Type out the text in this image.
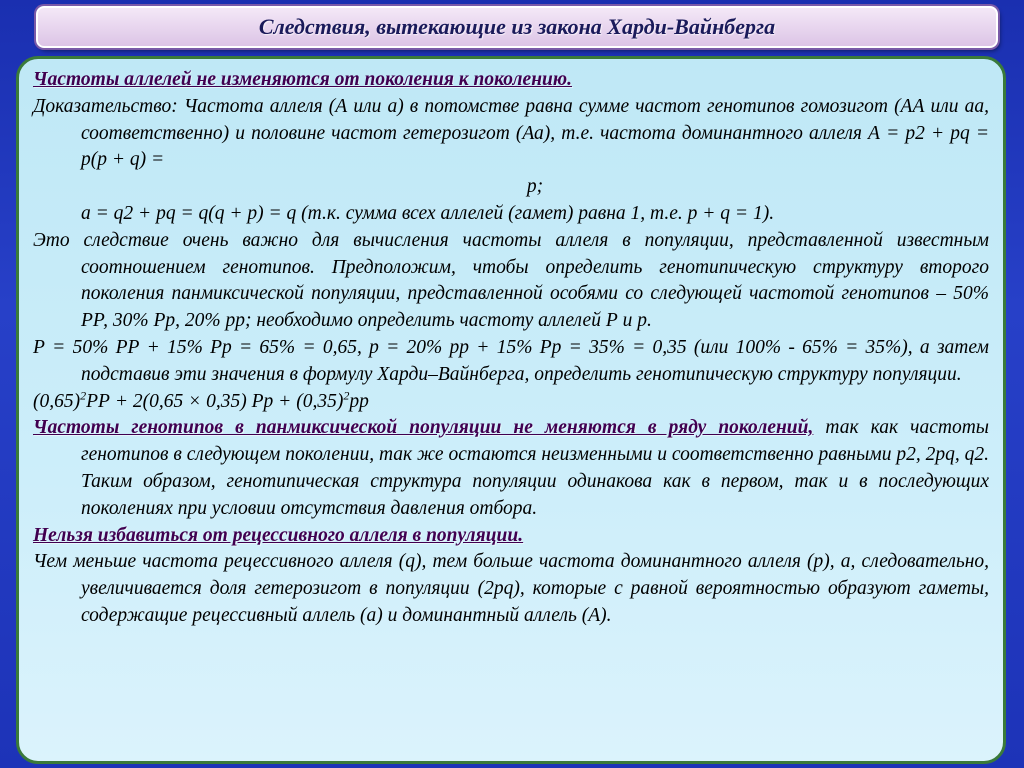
Следствия, вытекающие из закона Харди-Вайнберга

Частоты аллелей не изменяются от поколения к поколению.

Доказательство: Частота аллеля (А или а) в потомстве равна сумме частот генотипов гомозигот (АА или аа, соответственно) и половине частот гетерозигот (Аа), т.е. частота доминантного аллеля А = р2 + рq = р(р + q) =

р;

а = q2 + рq = q(q + р) = q (т.к. сумма всех аллелей (гамет) равна 1, т.е. р + q = 1).

Это следствие очень важно для вычисления частоты аллеля в популяции, представленной известным соотношением генотипов. Предположим, чтобы определить генотипическую структуру второго поколения панмиксической популяции, представленной особями со следующей частотой генотипов – 50% РР, 30% Рр, 20% рр; необходимо определить частоту аллелей Р и р.

Р = 50% РР + 15% Рр = 65% = 0,65, р = 20% рр + 15% Рр = 35% = 0,35 (или 100% - 65% = 35%), а затем подставив эти значения в формулу Харди–Вайнберга, определить генотипическую структуру популяции.

$(0,65)^2РР + 2(0,65 \times 0,35)$ Рр + $(0,35)^2рр$

Частоты генотипов в панмиксической популяции не меняются в ряду поколений, так как частоты генотипов в следующем поколении, так же остаются неизменными и соответственно равными р2, 2рq, q2. Таким образом, генотипическая структура популяции одинакова как в первом, так и в последующих поколениях при условии отсутствия давления отбора.

Нельзя избавиться от рецессивного аллеля в популяции.

Чем меньше частота рецессивного аллеля (q), тем больше частота доминантного аллеля (р), а, следовательно, увеличивается доля гетерозигот в популяции (2рq), которые с равной вероятностью образуют гаметы, содержащие рецессивный аллель (а) и доминантный аллель (А).
